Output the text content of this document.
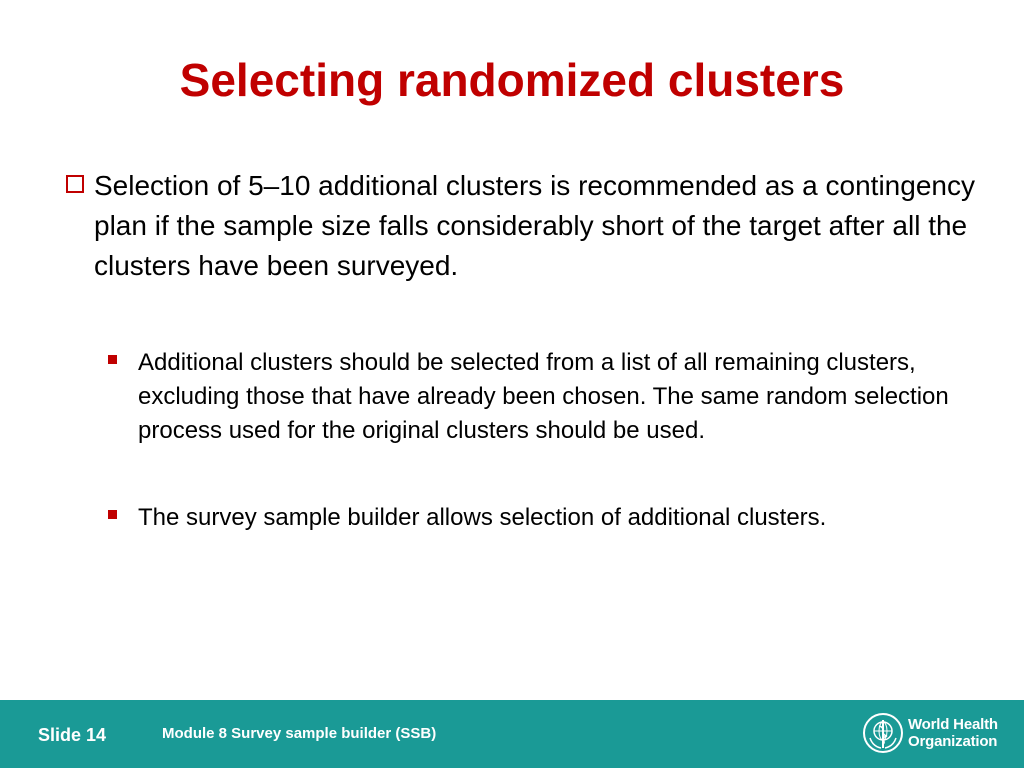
Selecting randomized clusters
Selection of 5–10 additional clusters is recommended as a contingency plan if the sample size falls considerably short of the target after all the clusters have been surveyed.
Additional clusters should be selected from a list of all remaining clusters, excluding those that have already been chosen. The same random selection process used for the original clusters should be used.
The survey sample builder allows selection of additional clusters.
Slide 14	Module 8 Survey sample builder (SSB)
World Health
Organization
